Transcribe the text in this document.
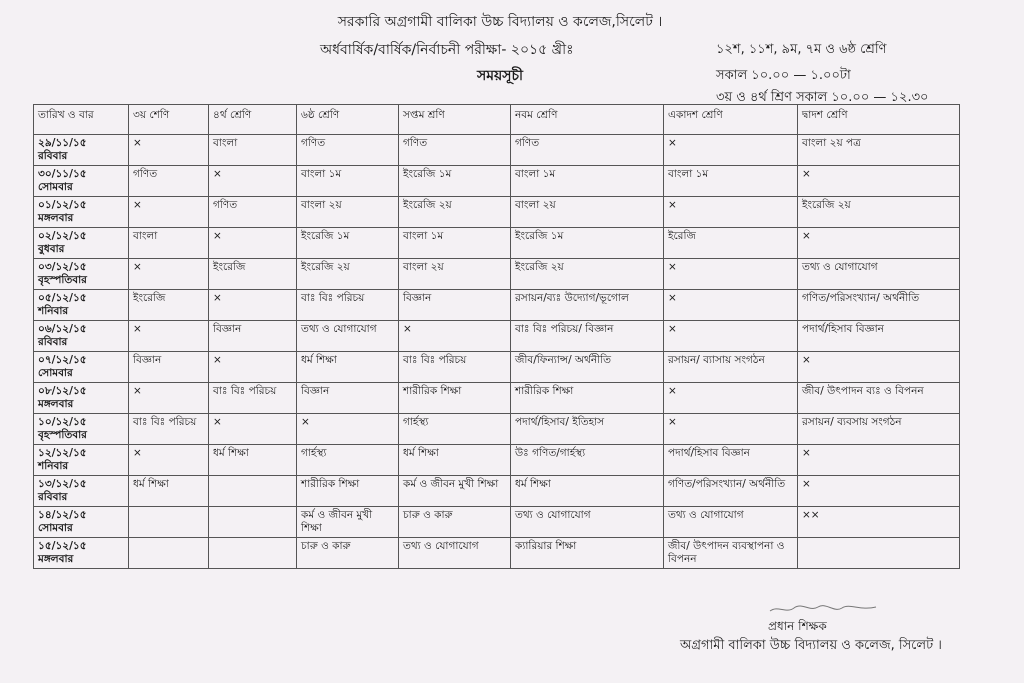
সরকারি অগ্রগামী বালিকা উচ্চ বিদ্যালয় ও কলেজ,সিলেট ।
অর্ধবার্ষিক/বার্ষিক/নির্বাচনী পরীক্ষা- ২০১৫ খ্রীঃ
সময়সূচী
১২শ, ১১শ, ৯ম, ৭ম ও ৬ষ্ঠ শ্রেণি
সকাল ১০.০০ — ১.০০টা
৩য় ও ৪র্থ শ্রিণ সকাল ১০.০০ — ১২.৩০
তারিখ ও বার	৩য় শেণি	৪র্থ শ্রেণি	৬ষ্ঠ শ্রেণি	সপ্তম শ্রণি	নবম শ্রেণি	একাদশ শ্রেণি	দ্বাদশ শ্রেণি

২৯/১১/১৫
রবিবার	×	বাংলা	গণিত	গণিত	গণিত	×	বাংলা ২য় পত্র

৩০/১১/১৫
সোমবার	গণিত	×	বাংলা ১ম	ইংরেজি ১ম	বাংলা ১ম	বাংলা ১ম	×

০১/১২/১৫
মঙ্গলবার	×	গণিত	বাংলা ২য়	ইংরেজি ২য়	বাংলা ২য়	×	ইংরেজি ২য়

০২/১২/১৫
বুধবার	বাংলা	×	ইংরেজি ১ম	বাংলা ১ম	ইংরেজি ১ম	ইরেজি	×

০৩/১২/১৫
বৃহস্পতিবার	×	ইংরেজি	ইংরেজি ২য়	বাংলা ২য়	ইংরেজি ২য়	×	তথ্য ও যোগাযোগ

০৫/১২/১৫
শনিবার	ইংরেজি	×	বাঃ বিঃ পরিচয়	বিজ্ঞান	রসায়ন/ব্যঃ উদ্যোগ/ভূগোল	×	গণিত/পরিসংখ্যান/ অর্থনীতি

০৬/১২/১৫
রবিবার	×	বিজ্ঞান	তথ্য ও যোগাযোগ	×	বাঃ বিঃ পরিচয়/ বিজ্ঞান	×	পদার্থ/হিসাব বিজ্ঞান

০৭/১২/১৫
সোমবার	বিজ্ঞান	×	ধর্ম শিক্ষা	বাঃ বিঃ পরিচয়	জীব/ফিন্যান্স/ অর্থনীতি	রসায়ন/ ব্যাসায় সংগঠন	×

০৮/১২/১৫
মঙ্গলবার	×	বাঃ বিঃ পরিচয়	বিজ্ঞান	শারীরিক শিক্ষা	শারীরিক শিক্ষা	×	জীব/ উৎপাদন ব্যঃ ও বিপনন

১০/১২/১৫
বৃহস্পতিবার	বাঃ বিঃ পরিচয়	×	×	গার্হস্থ্য	পদার্থ/হিসাব/ ইতিহাস	×	রসায়ন/ ব্যবসায় সংগঠন

১২/১২/১৫
শনিবার	×	ধর্ম শিক্ষা	গার্হস্থ্য	ধর্ম শিক্ষা	উঃ গণিত/গার্হস্থ্য	পদার্থ/হিসাব বিজ্ঞান	×

১৩/১২/১৫
রবিবার	ধর্ম শিক্ষা		শারীরিক শিক্ষা	কর্ম ও জীবন মুখী শিক্ষা	ধর্ম শিক্ষা	গণিত/পরিসংখ্যান/ অর্থনীতি	×

১৪/১২/১৫
সোমবার			কর্ম ও জীবন মুখী শিক্ষা	চারু ও কারু	তথ্য ও যোগাযোগ	তথ্য ও যোগাযোগ	××

১৫/১২/১৫
মঙ্গলবার			চারু ও কারু	তথ্য ও যোগাযোগ	ক্যারিয়ার শিক্ষা	জীব/ উৎপাদন ব্যবস্থাপনা ও বিপনন	
প্রধান শিক্ষক
অগ্রগামী বালিকা উচ্চ বিদ্যালয় ও কলেজ, সিলেট ।
